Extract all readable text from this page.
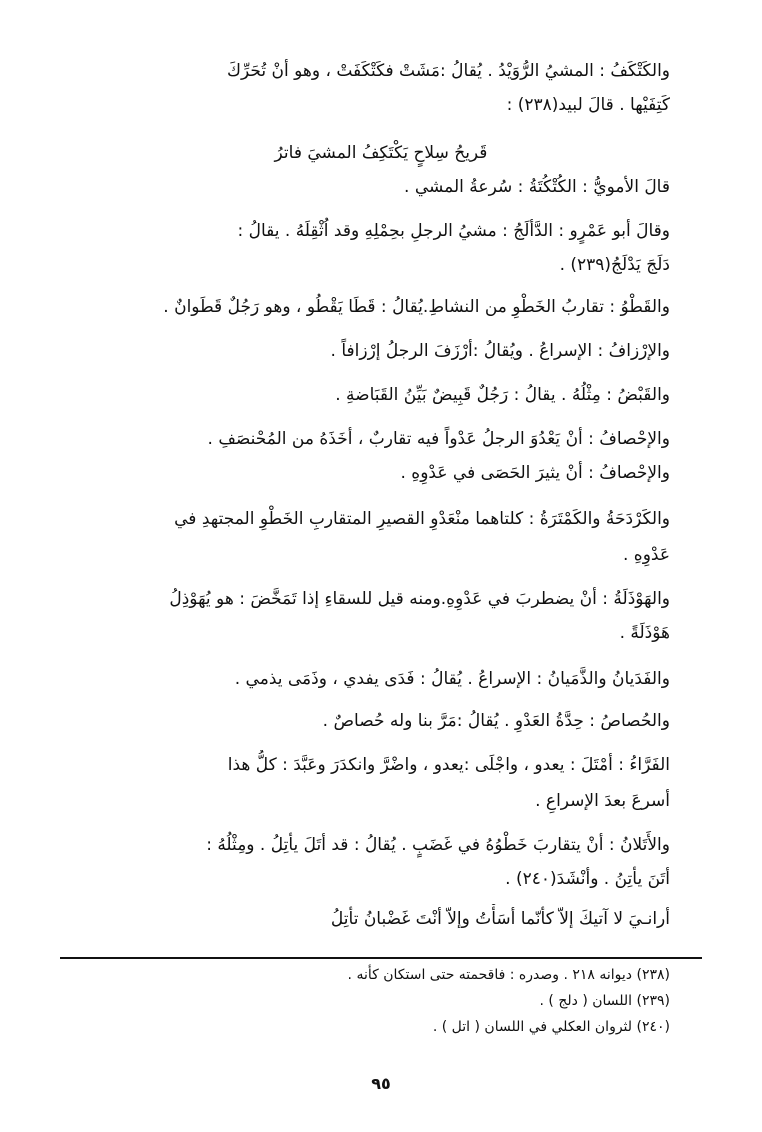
والكَتْكَفُ : المشيُ الرُّوَيْدُ . يُقالُ :مَشَتْ فكَتْكَفَتْ ، وهو أنْ تُحَرِّكَ
كَتِفَيْها . قالَ لبيد(٢٣٨) :
قَريحُ سِلاحٍ يَكْتَكِفُ المشيَ فاترُ
قالَ الأمويُّ : الكُتْكُتَةُ : سُرعةُ المشي .
وقالَ أبو عَمْرٍو : الدَّألَجُ : مشيُ الرجلِ بحِمْلِهِ وقد اُثْقِلَهُ . يقالُ :
دَلَجَ يَدْلَجُ(٢٣٩) .
والقَطْوُ : تقاربُ الخَطْوِ من النشاطِ.يُقالُ : قَطَا يَقْطُو ، وهو رَجُلٌ قَطَوانٌ .
والإرْزافُ : الإسراعُ . ويُقالُ :أرْزَفَ الرجلُ إرْزافاً .
والقَبْضُ : مِثْلُهُ . يقالُ : رَجُلٌ قَبِيضٌ بَيِّنُ القَبَاضةِ .
والإحْصافُ : أنْ يَعْدُوَ الرجلُ عَدْواً فيه تقاربٌ ، أخَذَهُ من المُحْنصَفِ .
والإحْصافُ : أنْ يثيرَ الحَصَى في عَدْوِهِ .
والكَرْدَحَةُ والكَمْتَرَةُ : كلتاهما منْعَدْوِ القصيرِ المتقاربِ الخَطْوِ المجتهدِ في
عَدْوِهِ .
والهَوْذَلَةُ : أنْ يضطربَ في عَدْوِهِ.ومنه قيل للسقاءِ إذا تَمَخَّضَ : هو يُهَوْذِلُ
هَوْذَلَةً .
والفَدَيانُ والذَّمَيانُ : الإسراعُ . يُقالُ : فَدَى يفدي ، وذَمَى يذمي .
والحُصاصُ : حِدَّةُ العَدْوِ . يُقالُ :مَرَّ بنا وله حُصاصٌ .
الفَرَّاءُ : أمْتَلَ : يعدو ، واجْلَى :يعدو ، واضْرَّ وانكدَرَ وعَبَّدَ : كلُّ هذا
أسرعَ بعدَ الإسراعِ .
والأَتَلانُ : أنْ يتقاربَ خَطْوُهُ في غَضَبٍ . يُقالُ : قد أتَلَ يأتِلُ . ومِثْلُهُ :
أتَنَ يأتِنُ . وأنْشَدَ(٢٤٠) .
أرانـيَ لا آتيكَ إلاّ كأنّما أسَأْتُ وإلاّ أنْتَ غَضْبانُ تأتِلُ
(٢٣٨) ديوانه ٢١٨ . وصدره : فاقحمته حتى استكان كأنه .
(٢٣٩) اللسان ( دلج ) .
(٢٤٠) لثروان العكلي في اللسان ( اتل ) .
٩٥
